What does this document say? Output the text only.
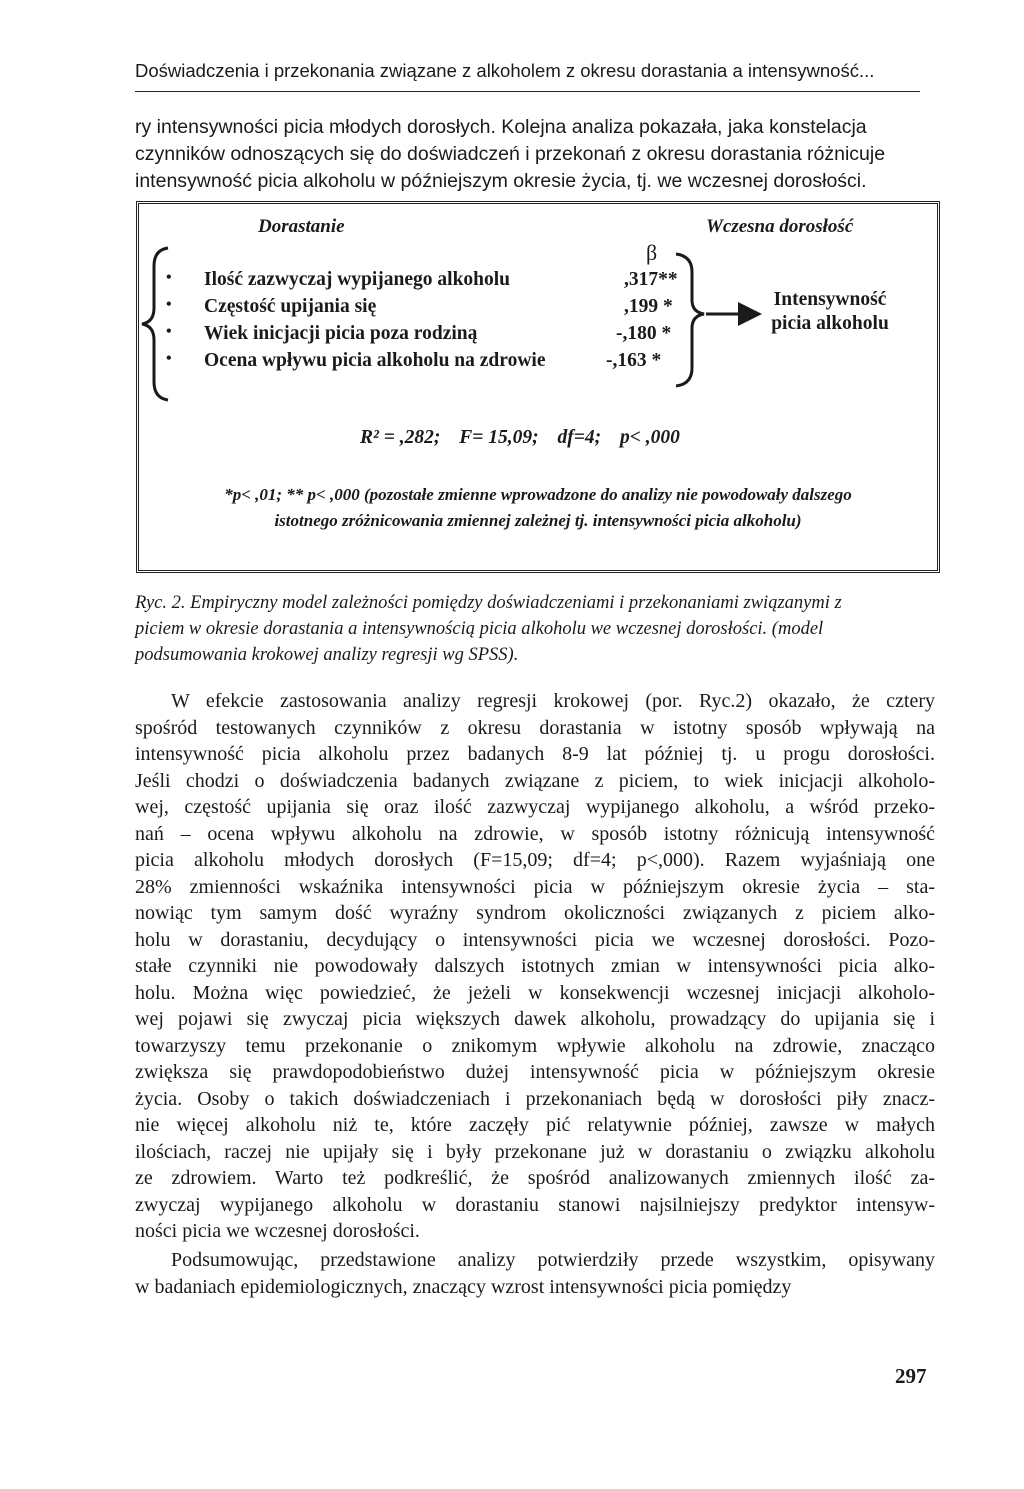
Doświadczenia i przekonania związane z alkoholem z okresu dorastania a intensywność...
ry intensywności picia młodych dorosłych. Kolejna analiza pokazała, jaka konstelacja
czynników odnoszących się do doświadczeń i przekonań z okresu dorastania różnicuje
intensywność picia alkoholu w późniejszym okresie życia, tj. we wczesnej dorosłości.
Dorastanie	Wczesna dorosłość
β
• Ilość zazwyczaj wypijanego alkoholu	,317**
• Częstość upijania się	,199 *
• Wiek inicjacji picia poza rodziną	-,180 *
• Ocena wpływu picia alkoholu na zdrowie	-,163 *
Intensywność
picia alkoholu
R² = ,282; F= 15,09; df=4; p< ,000
*p< ,01; ** p< ,000 (pozostałe zmienne wprowadzone do analizy nie powodowały dalszego
istotnego zróżnicowania zmiennej zależnej tj. intensywności picia alkoholu)
Ryc. 2. Empiryczny model zależności pomiędzy doświadczeniami i przekonaniami związanymi z
piciem w okresie dorastania a intensywnością picia alkoholu we wczesnej dorosłości. (model
podsumowania krokowej analizy regresji wg SPSS).
W efekcie zastosowania analizy regresji krokowej (por. Ryc.2) okazało, że cztery
spośród testowanych czynników z okresu dorastania w istotny sposób wpływają na
intensywność picia alkoholu przez badanych 8-9 lat później tj. u progu dorosłości.
Jeśli chodzi o doświadczenia badanych związane z piciem, to wiek inicjacji alkoholo-
wej, częstość upijania się oraz ilość zazwyczaj wypijanego alkoholu, a wśród przeko-
nań – ocena wpływu alkoholu na zdrowie, w sposób istotny różnicują intensywność
picia alkoholu młodych dorosłych (F=15,09; df=4; p<,000). Razem wyjaśniają one
28% zmienności wskaźnika intensywności picia w późniejszym okresie życia – sta-
nowiąc tym samym dość wyraźny syndrom okoliczności związanych z piciem alko-
holu w dorastaniu, decydujący o intensywności picia we wczesnej dorosłości. Pozo-
stałe czynniki nie powodowały dalszych istotnych zmian w intensywności picia alko-
holu. Można więc powiedzieć, że jeżeli w konsekwencji wczesnej inicjacji alkoholo-
wej pojawi się zwyczaj picia większych dawek alkoholu, prowadzący do upijania się i
towarzyszy temu przekonanie o znikomym wpływie alkoholu na zdrowie, znacząco
zwiększa się prawdopodobieństwo dużej intensywność picia w późniejszym okresie
życia. Osoby o takich doświadczeniach i przekonaniach będą w dorosłości piły znacz-
nie więcej alkoholu niż te, które zaczęły pić relatywnie później, zawsze w małych
ilościach, raczej nie upijały się i były przekonane już w dorastaniu o związku alkoholu
ze zdrowiem. Warto też podkreślić, że spośród analizowanych zmiennych ilość za-
zwyczaj wypijanego alkoholu w dorastaniu stanowi najsilniejszy predyktor intensyw-
ności picia we wczesnej dorosłości.
Podsumowując, przedstawione analizy potwierdziły przede wszystkim, opisywany
w badaniach epidemiologicznych, znaczący wzrost intensywności picia pomiędzy
297
